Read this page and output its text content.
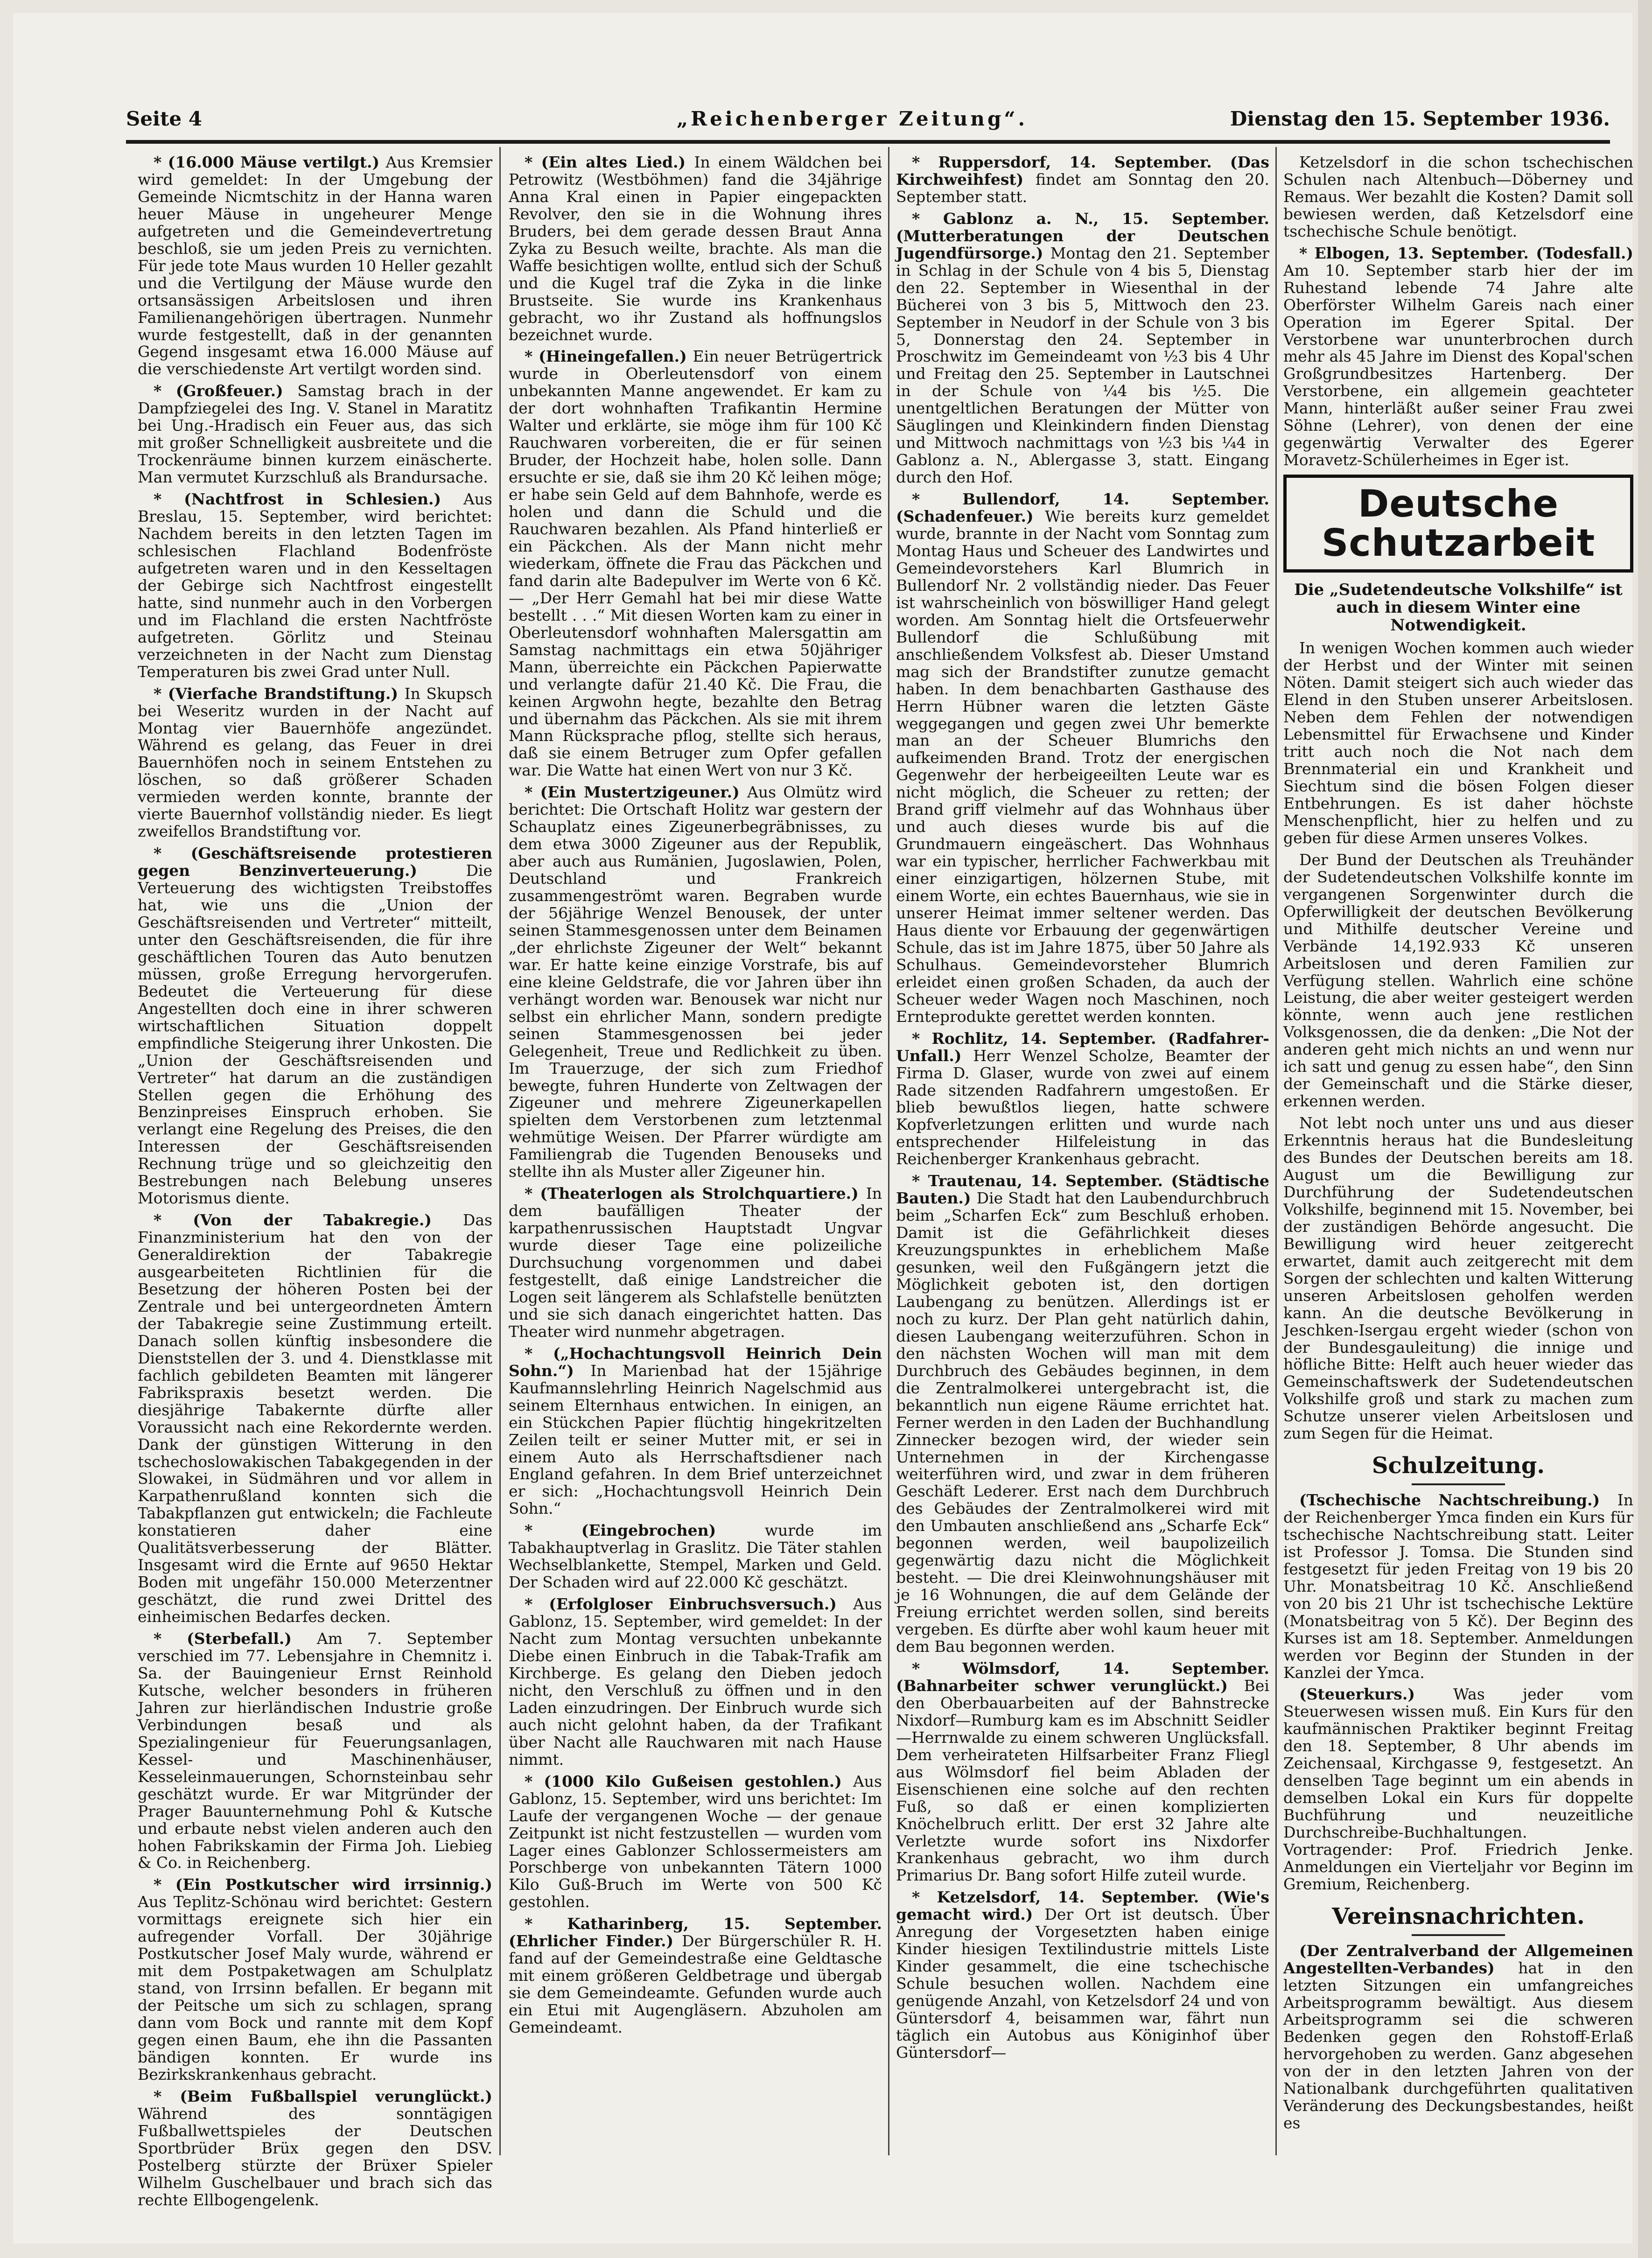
Seite 4	„Reichenberger Zeitung“.	Dienstag den 15. September 1936.

* (16.000 Mäuse vertilgt.) Aus Kremsier wird gemeldet: In der Umgebung der Gemeinde Nicmtschitz in der Hanna waren heuer Mäuse in ungeheurer Menge aufgetreten und die Gemeindevertretung beschloß, sie um jeden Preis zu vernichten. Für jede tote Maus wurden 10 Heller gezahlt und die Vertilgung der Mäuse wurde den ortsansässigen Arbeitslosen und ihren Familienangehörigen übertragen. Nunmehr wurde festgestellt, daß in der genannten Gegend insgesamt etwa 16.000 Mäuse auf die verschiedenste Art vertilgt worden sind.

* (Großfeuer.) Samstag brach in der Dampfziegelei des Ing. V. Stanel in Maratitz bei Ung.-Hradisch ein Feuer aus, das sich mit großer Schnelligkeit ausbreitete und die Trockenräume binnen kurzem einäscherte. Man vermutet Kurzschluß als Brandursache.

* (Nachtfrost in Schlesien.) Aus Breslau, 15. September, wird berichtet: Nachdem bereits in den letzten Tagen im schlesischen Flachland Bodenfröste aufgetreten waren und in den Kesseltagen der Gebirge sich Nachtfrost eingestellt hatte, sind nunmehr auch in den Vorbergen und im Flachland die ersten Nachtfröste aufgetreten. Görlitz und Steinau verzeichneten in der Nacht zum Dienstag Temperaturen bis zwei Grad unter Null.

* (Vierfache Brandstiftung.) In Skupsch bei Weseritz wurden in der Nacht auf Montag vier Bauernhöfe angezündet. Während es gelang, das Feuer in drei Bauernhöfen noch in seinem Entstehen zu löschen, so daß größerer Schaden vermieden werden konnte, brannte der vierte Bauernhof vollständig nieder. Es liegt zweifellos Brandstiftung vor.

* (Geschäftsreisende protestieren gegen Benzinverteuerung.) Die Verteuerung des wichtigsten Treibstoffes hat, wie uns die „Union der Geschäftsreisenden und Vertreter“ mitteilt, unter den Geschäftsreisenden, die für ihre geschäftlichen Touren das Auto benutzen müssen, große Erregung hervorgerufen. Bedeutet die Verteuerung für diese Angestellten doch eine in ihrer schweren wirtschaftlichen Situation doppelt empfindliche Steigerung ihrer Unkosten. Die „Union der Geschäftsreisenden und Vertreter“ hat darum an die zuständigen Stellen gegen die Erhöhung des Benzinpreises Einspruch erhoben. Sie verlangt eine Regelung des Preises, die den Interessen der Geschäftsreisenden Rechnung trüge und so gleichzeitig den Bestrebungen nach Belebung unseres Motorismus diente.

* (Von der Tabakregie.) Das Finanzministerium hat den von der Generaldirektion der Tabakregie ausgearbeiteten Richtlinien für die Besetzung der höheren Posten bei der Zentrale und bei untergeordneten Ämtern der Tabakregie seine Zustimmung erteilt. Danach sollen künftig insbesondere die Dienststellen der 3. und 4. Dienstklasse mit fachlich gebildeten Beamten mit längerer Fabrikspraxis besetzt werden. Die diesjährige Tabakernte dürfte aller Voraussicht nach eine Rekordernte werden. Dank der günstigen Witterung in den tschechoslowakischen Tabakgegenden in der Slowakei, in Südmähren und vor allem in Karpathenrußland konnten sich die Tabakpflanzen gut entwickeln; die Fachleute konstatieren daher eine Qualitätsverbesserung der Blätter. Insgesamt wird die Ernte auf 9650 Hektar Boden mit ungefähr 150.000 Meterzentner geschätzt, die rund zwei Drittel des einheimischen Bedarfes decken.

* (Sterbefall.) Am 7. September verschied im 77. Lebensjahre in Chemnitz i. Sa. der Bauingenieur Ernst Reinhold Kutsche, welcher besonders in früheren Jahren zur hierländischen Industrie große Verbindungen besaß und als Spezialingenieur für Feuerungsanlagen, Kessel- und Maschinenhäuser, Kesseleinmauerungen, Schornsteinbau sehr geschätzt wurde. Er war Mitgründer der Prager Bauunternehmung Pohl & Kutsche und erbaute nebst vielen anderen auch den hohen Fabrikskamin der Firma Joh. Liebieg & Co. in Reichenberg.

* (Ein Postkutscher wird irrsinnig.) Aus Teplitz-Schönau wird berichtet: Gestern vormittags ereignete sich hier ein aufregender Vorfall. Der 30jährige Postkutscher Josef Maly wurde, während er mit dem Postpaketwagen am Schulplatz stand, von Irrsinn befallen. Er begann mit der Peitsche um sich zu schlagen, sprang dann vom Bock und rannte mit dem Kopf gegen einen Baum, ehe ihn die Passanten bändigen konnten. Er wurde ins Bezirkskrankenhaus gebracht.

* (Beim Fußballspiel verunglückt.) Während des sonntägigen Fußballwettspieles der Deutschen Sportbrüder Brüx gegen den DSV. Postelberg stürzte der Brüxer Spieler Wilhelm Guschelbauer und brach sich das rechte Ellbogengelenk.

* (Ein altes Lied.) In einem Wäldchen bei Petrowitz (Westböhmen) fand die 34jährige Anna Kral einen in Papier eingepackten Revolver, den sie in die Wohnung ihres Bruders, bei dem gerade dessen Braut Anna Zyka zu Besuch weilte, brachte. Als man die Waffe besichtigen wollte, entlud sich der Schuß und die Kugel traf die Zyka in die linke Brustseite. Sie wurde ins Krankenhaus gebracht, wo ihr Zustand als hoffnungslos bezeichnet wurde.

* (Hineingefallen.) Ein neuer Betrügertrick wurde in Oberleutensdorf von einem unbekannten Manne angewendet. Er kam zu der dort wohnhaften Trafikantin Hermine Walter und erklärte, sie möge ihm für 100 Kč Rauchwaren vorbereiten, die er für seinen Bruder, der Hochzeit habe, holen solle. Dann ersuchte er sie, daß sie ihm 20 Kč leihen möge; er habe sein Geld auf dem Bahnhofe, werde es holen und dann die Schuld und die Rauchwaren bezahlen. Als Pfand hinterließ er ein Päckchen. Als der Mann nicht mehr wiederkam, öffnete die Frau das Päckchen und fand darin alte Badepulver im Werte von 6 Kč. — „Der Herr Gemahl hat bei mir diese Watte bestellt . . .“ Mit diesen Worten kam zu einer in Oberleutensdorf wohnhaften Malersgattin am Samstag nachmittags ein etwa 50jähriger Mann, überreichte ein Päckchen Papierwatte und verlangte dafür 21.40 Kč. Die Frau, die keinen Argwohn hegte, bezahlte den Betrag und übernahm das Päckchen. Als sie mit ihrem Mann Rücksprache pflog, stellte sich heraus, daß sie einem Betruger zum Opfer gefallen war. Die Watte hat einen Wert von nur 3 Kč.

* (Ein Mustertzigeuner.) Aus Olmütz wird berichtet: Die Ortschaft Holitz war gestern der Schauplatz eines Zigeunerbegräbnisses, zu dem etwa 3000 Zigeuner aus der Republik, aber auch aus Rumänien, Jugoslawien, Polen, Deutschland und Frankreich zusammengeströmt waren. Begraben wurde der 56jährige Wenzel Benousek, der unter seinen Stammesgenossen unter dem Beinamen „der ehrlichste Zigeuner der Welt“ bekannt war. Er hatte keine einzige Vorstrafe, bis auf eine kleine Geldstrafe, die vor Jahren über ihn verhängt worden war. Benousek war nicht nur selbst ein ehrlicher Mann, sondern predigte seinen Stammesgenossen bei jeder Gelegenheit, Treue und Redlichkeit zu üben. Im Trauerzuge, der sich zum Friedhof bewegte, fuhren Hunderte von Zeltwagen der Zigeuner und mehrere Zigeunerkapellen spielten dem Verstorbenen zum letztenmal wehmütige Weisen. Der Pfarrer würdigte am Familiengrab die Tugenden Benouseks und stellte ihn als Muster aller Zigeuner hin.

* (Theaterlogen als Strolchquartiere.) In dem baufälligen Theater der karpathenrussischen Hauptstadt Ungvar wurde dieser Tage eine polizeiliche Durchsuchung vorgenommen und dabei festgestellt, daß einige Landstreicher die Logen seit längerem als Schlafstelle benützten und sie sich danach eingerichtet hatten. Das Theater wird nunmehr abgetragen.

* („Hochachtungsvoll Heinrich Dein Sohn.“) In Marienbad hat der 15jährige Kaufmannslehrling Heinrich Nagelschmid aus seinem Elternhaus entwichen. In einigen, an ein Stückchen Papier flüchtig hingekritzelten Zeilen teilt er seiner Mutter mit, er sei in einem Auto als Herrschaftsdiener nach England gefahren. In dem Brief unterzeichnet er sich: „Hochachtungsvoll Heinrich Dein Sohn.“

* (Eingebrochen) wurde im Tabakhauptverlag in Graslitz. Die Täter stahlen Wechselblankette, Stempel, Marken und Geld. Der Schaden wird auf 22.000 Kč geschätzt.

* (Erfolgloser Einbruchsversuch.) Aus Gablonz, 15. September, wird gemeldet: In der Nacht zum Montag versuchten unbekannte Diebe einen Einbruch in die Tabak-Trafik am Kirchberge. Es gelang den Dieben jedoch nicht, den Verschluß zu öffnen und in den Laden einzudringen. Der Einbruch wurde sich auch nicht gelohnt haben, da der Trafikant über Nacht alle Rauchwaren mit nach Hause nimmt.

* (1000 Kilo Gußeisen gestohlen.) Aus Gablonz, 15. September, wird uns berichtet: Im Laufe der vergangenen Woche — der genaue Zeitpunkt ist nicht festzustellen — wurden vom Lager eines Gablonzer Schlossermeisters am Porschberge von unbekannten Tätern 1000 Kilo Guß-Bruch im Werte von 500 Kč gestohlen.

* Katharinberg, 15. September. (Ehrlicher Finder.) Der Bürgerschüler R. H. fand auf der Gemeindestraße eine Geldtasche mit einem größeren Geldbetrage und übergab sie dem Gemeindeamte. Gefunden wurde auch ein Etui mit Augengläsern. Abzuholen am Gemeindeamt.

* Ruppersdorf, 14. September. (Das Kirchweihfest) findet am Sonntag den 20. September statt.

* Gablonz a. N., 15. September. (Mutterberatungen der Deutschen Jugendfürsorge.) Montag den 21. September in Schlag in der Schule von 4 bis 5, Dienstag den 22. September in Wiesenthal in der Bücherei von 3 bis 5, Mittwoch den 23. September in Neudorf in der Schule von 3 bis 5, Donnerstag den 24. September in Proschwitz im Gemeindeamt von ½3 bis 4 Uhr und Freitag den 25. September in Lautschnei in der Schule von ¼4 bis ½5. Die unentgeltlichen Beratungen der Mütter von Säuglingen und Kleinkindern finden Dienstag und Mittwoch nachmittags von ½3 bis ¼4 in Gablonz a. N., Ablergasse 3, statt. Eingang durch den Hof.

* Bullendorf, 14. September. (Schadenfeuer.) Wie bereits kurz gemeldet wurde, brannte in der Nacht vom Sonntag zum Montag Haus und Scheuer des Landwirtes und Gemeindevorstehers Karl Blumrich in Bullendorf Nr. 2 vollständig nieder. Das Feuer ist wahrscheinlich von böswilliger Hand gelegt worden. Am Sonntag hielt die Ortsfeuerwehr Bullendorf die Schlußübung mit anschließendem Volksfest ab. Dieser Umstand mag sich der Brandstifter zunutze gemacht haben. In dem benachbarten Gasthause des Herrn Hübner waren die letzten Gäste weggegangen und gegen zwei Uhr bemerkte man an der Scheuer Blumrichs den aufkeimenden Brand. Trotz der energischen Gegenwehr der herbeigeeilten Leute war es nicht möglich, die Scheuer zu retten; der Brand griff vielmehr auf das Wohnhaus über und auch dieses wurde bis auf die Grundmauern eingeäschert. Das Wohnhaus war ein typischer, herrlicher Fachwerkbau mit einer einzigartigen, hölzernen Stube, mit einem Worte, ein echtes Bauernhaus, wie sie in unserer Heimat immer seltener werden. Das Haus diente vor Erbauung der gegenwärtigen Schule, das ist im Jahre 1875, über 50 Jahre als Schulhaus. Gemeindevorsteher Blumrich erleidet einen großen Schaden, da auch der Scheuer weder Wagen noch Maschinen, noch Ernteprodukte gerettet werden konnten.

* Rochlitz, 14. September. (Radfahrer-Unfall.) Herr Wenzel Scholze, Beamter der Firma D. Glaser, wurde von zwei auf einem Rade sitzenden Radfahrern umgestoßen. Er blieb bewußtlos liegen, hatte schwere Kopfverletzungen erlitten und wurde nach entsprechender Hilfeleistung in das Reichenberger Krankenhaus gebracht.

* Trautenau, 14. September. (Städtische Bauten.) Die Stadt hat den Laubendurchbruch beim „Scharfen Eck“ zum Beschluß erhoben. Damit ist die Gefährlichkeit dieses Kreuzungspunktes in erheblichem Maße gesunken, weil den Fußgängern jetzt die Möglichkeit geboten ist, den dortigen Laubengang zu benützen. Allerdings ist er noch zu kurz. Der Plan geht natürlich dahin, diesen Laubengang weiterzuführen. Schon in den nächsten Wochen will man mit dem Durchbruch des Gebäudes beginnen, in dem die Zentralmolkerei untergebracht ist, die bekanntlich nun eigene Räume errichtet hat. Ferner werden in den Laden der Buchhandlung Zinnecker bezogen wird, der wieder sein Unternehmen in der Kirchengasse weiterführen wird, und zwar in dem früheren Geschäft Lederer. Erst nach dem Durchbruch des Gebäudes der Zentralmolkerei wird mit den Umbauten anschließend ans „Scharfe Eck“ begonnen werden, weil baupolizeilich gegenwärtig dazu nicht die Möglichkeit besteht. — Die drei Kleinwohnungshäuser mit je 16 Wohnungen, die auf dem Gelände der Freiung errichtet werden sollen, sind bereits vergeben. Es dürfte aber wohl kaum heuer mit dem Bau begonnen werden.

* Wölmsdorf, 14. September. (Bahnarbeiter schwer verunglückt.) Bei den Oberbauarbeiten auf der Bahnstrecke Nixdorf—Rumburg kam es im Abschnitt Seidler—Herrnwalde zu einem schweren Unglücksfall. Dem verheirateten Hilfsarbeiter Franz Fliegl aus Wölmsdorf fiel beim Abladen der Eisenschienen eine solche auf den rechten Fuß, so daß er einen komplizierten Knöchelbruch erlitt. Der erst 32 Jahre alte Verletzte wurde sofort ins Nixdorfer Krankenhaus gebracht, wo ihm durch Primarius Dr. Bang sofort Hilfe zuteil wurde.

* Ketzelsdorf, 14. September. (Wie's gemacht wird.) Der Ort ist deutsch. Über Anregung der Vorgesetzten haben einige Kinder hiesigen Textilindustrie mittels Liste Kinder gesammelt, die eine tschechische Schule besuchen wollen. Nachdem eine genügende Anzahl, von Ketzelsdorf 24 und von Güntersdorf 4, beisammen war, fährt nun täglich ein Autobus aus Königinhof über Güntersdorf—

Ketzelsdorf in die schon tschechischen Schulen nach Altenbuch—Döberney und Remaus. Wer bezahlt die Kosten? Damit soll bewiesen werden, daß Ketzelsdorf eine tschechische Schule benötigt.

* Elbogen, 13. September. (Todesfall.) Am 10. September starb hier der im Ruhestand lebende 74 Jahre alte Oberförster Wilhelm Gareis nach einer Operation im Egerer Spital. Der Verstorbene war ununterbrochen durch mehr als 45 Jahre im Dienst des Kopal'schen Großgrundbesitzes Hartenberg. Der Verstorbene, ein allgemein geachteter Mann, hinterläßt außer seiner Frau zwei Söhne (Lehrer), von denen der eine gegenwärtig Verwalter des Egerer Moravetz-Schülerheimes in Eger ist.

Deutsche Schutzarbeit
Die „Sudetendeutsche Volkshilfe“ ist auch in diesem Winter eine Notwendigkeit.

In wenigen Wochen kommen auch wieder der Herbst und der Winter mit seinen Nöten. Damit steigert sich auch wieder das Elend in den Stuben unserer Arbeitslosen. Neben dem Fehlen der notwendigen Lebensmittel für Erwachsene und Kinder tritt auch noch die Not nach dem Brennmaterial ein und Krankheit und Siechtum sind die bösen Folgen dieser Entbehrungen. Es ist daher höchste Menschenpflicht, hier zu helfen und zu geben für diese Armen unseres Volkes.

Der Bund der Deutschen als Treuhänder der Sudetendeutschen Volkshilfe konnte im vergangenen Sorgenwinter durch die Opferwilligkeit der deutschen Bevölkerung und Mithilfe deutscher Vereine und Verbände 14,192.933 Kč unseren Arbeitslosen und deren Familien zur Verfügung stellen. Wahrlich eine schöne Leistung, die aber weiter gesteigert werden könnte, wenn auch jene restlichen Volksgenossen, die da denken: „Die Not der anderen geht mich nichts an und wenn nur ich satt und genug zu essen habe“, den Sinn der Gemeinschaft und die Stärke dieser, erkennen werden.

Not lebt noch unter uns und aus dieser Erkenntnis heraus hat die Bundesleitung des Bundes der Deutschen bereits am 18. August um die Bewilligung zur Durchführung der Sudetendeutschen Volkshilfe, beginnend mit 15. November, bei der zuständigen Behörde angesucht. Die Bewilligung wird heuer zeitgerecht erwartet, damit auch zeitgerecht mit dem Sorgen der schlechten und kalten Witterung unseren Arbeitslosen geholfen werden kann. An die deutsche Bevölkerung in Jeschken-Isergau ergeht wieder (schon von der Bundesgauleitung) die innige und höfliche Bitte: Helft auch heuer wieder das Gemeinschaftswerk der Sudetendeutschen Volkshilfe groß und stark zu machen zum Schutze unserer vielen Arbeitslosen und zum Segen für die Heimat.

Schulzeitung.

(Tschechische Nachtschreibung.) In der Reichenberger Ymca finden ein Kurs für tschechische Nachtschreibung statt. Leiter ist Professor J. Tomsa. Die Stunden sind festgesetzt für jeden Freitag von 19 bis 20 Uhr. Monatsbeitrag 10 Kč. Anschließend von 20 bis 21 Uhr ist tschechische Lektüre (Monatsbeitrag von 5 Kč). Der Beginn des Kurses ist am 18. September. Anmeldungen werden vor Beginn der Stunden in der Kanzlei der Ymca.

(Steuerkurs.) Was jeder vom Steuerwesen wissen muß. Ein Kurs für den kaufmännischen Praktiker beginnt Freitag den 18. September, 8 Uhr abends im Zeichensaal, Kirchgasse 9, festgesetzt. An denselben Tage beginnt um ein abends in demselben Lokal ein Kurs für doppelte Buchführung und neuzeitliche Durchschreibe-Buchhaltungen. Vortragender: Prof. Friedrich Jenke. Anmeldungen ein Vierteljahr vor Beginn im Gremium, Reichenberg.

Vereinsnachrichten.

(Der Zentralverband der Allgemeinen Angestellten-Verbandes) hat in den letzten Sitzungen ein umfangreiches Arbeitsprogramm bewältigt. Aus diesem Arbeitsprogramm sei die schweren Bedenken gegen den Rohstoff-Erlaß hervorgehoben zu werden. Ganz abgesehen von der in den letzten Jahren von der Nationalbank durchgeführten qualitativen Veränderung des Deckungsbestandes, heißt es
